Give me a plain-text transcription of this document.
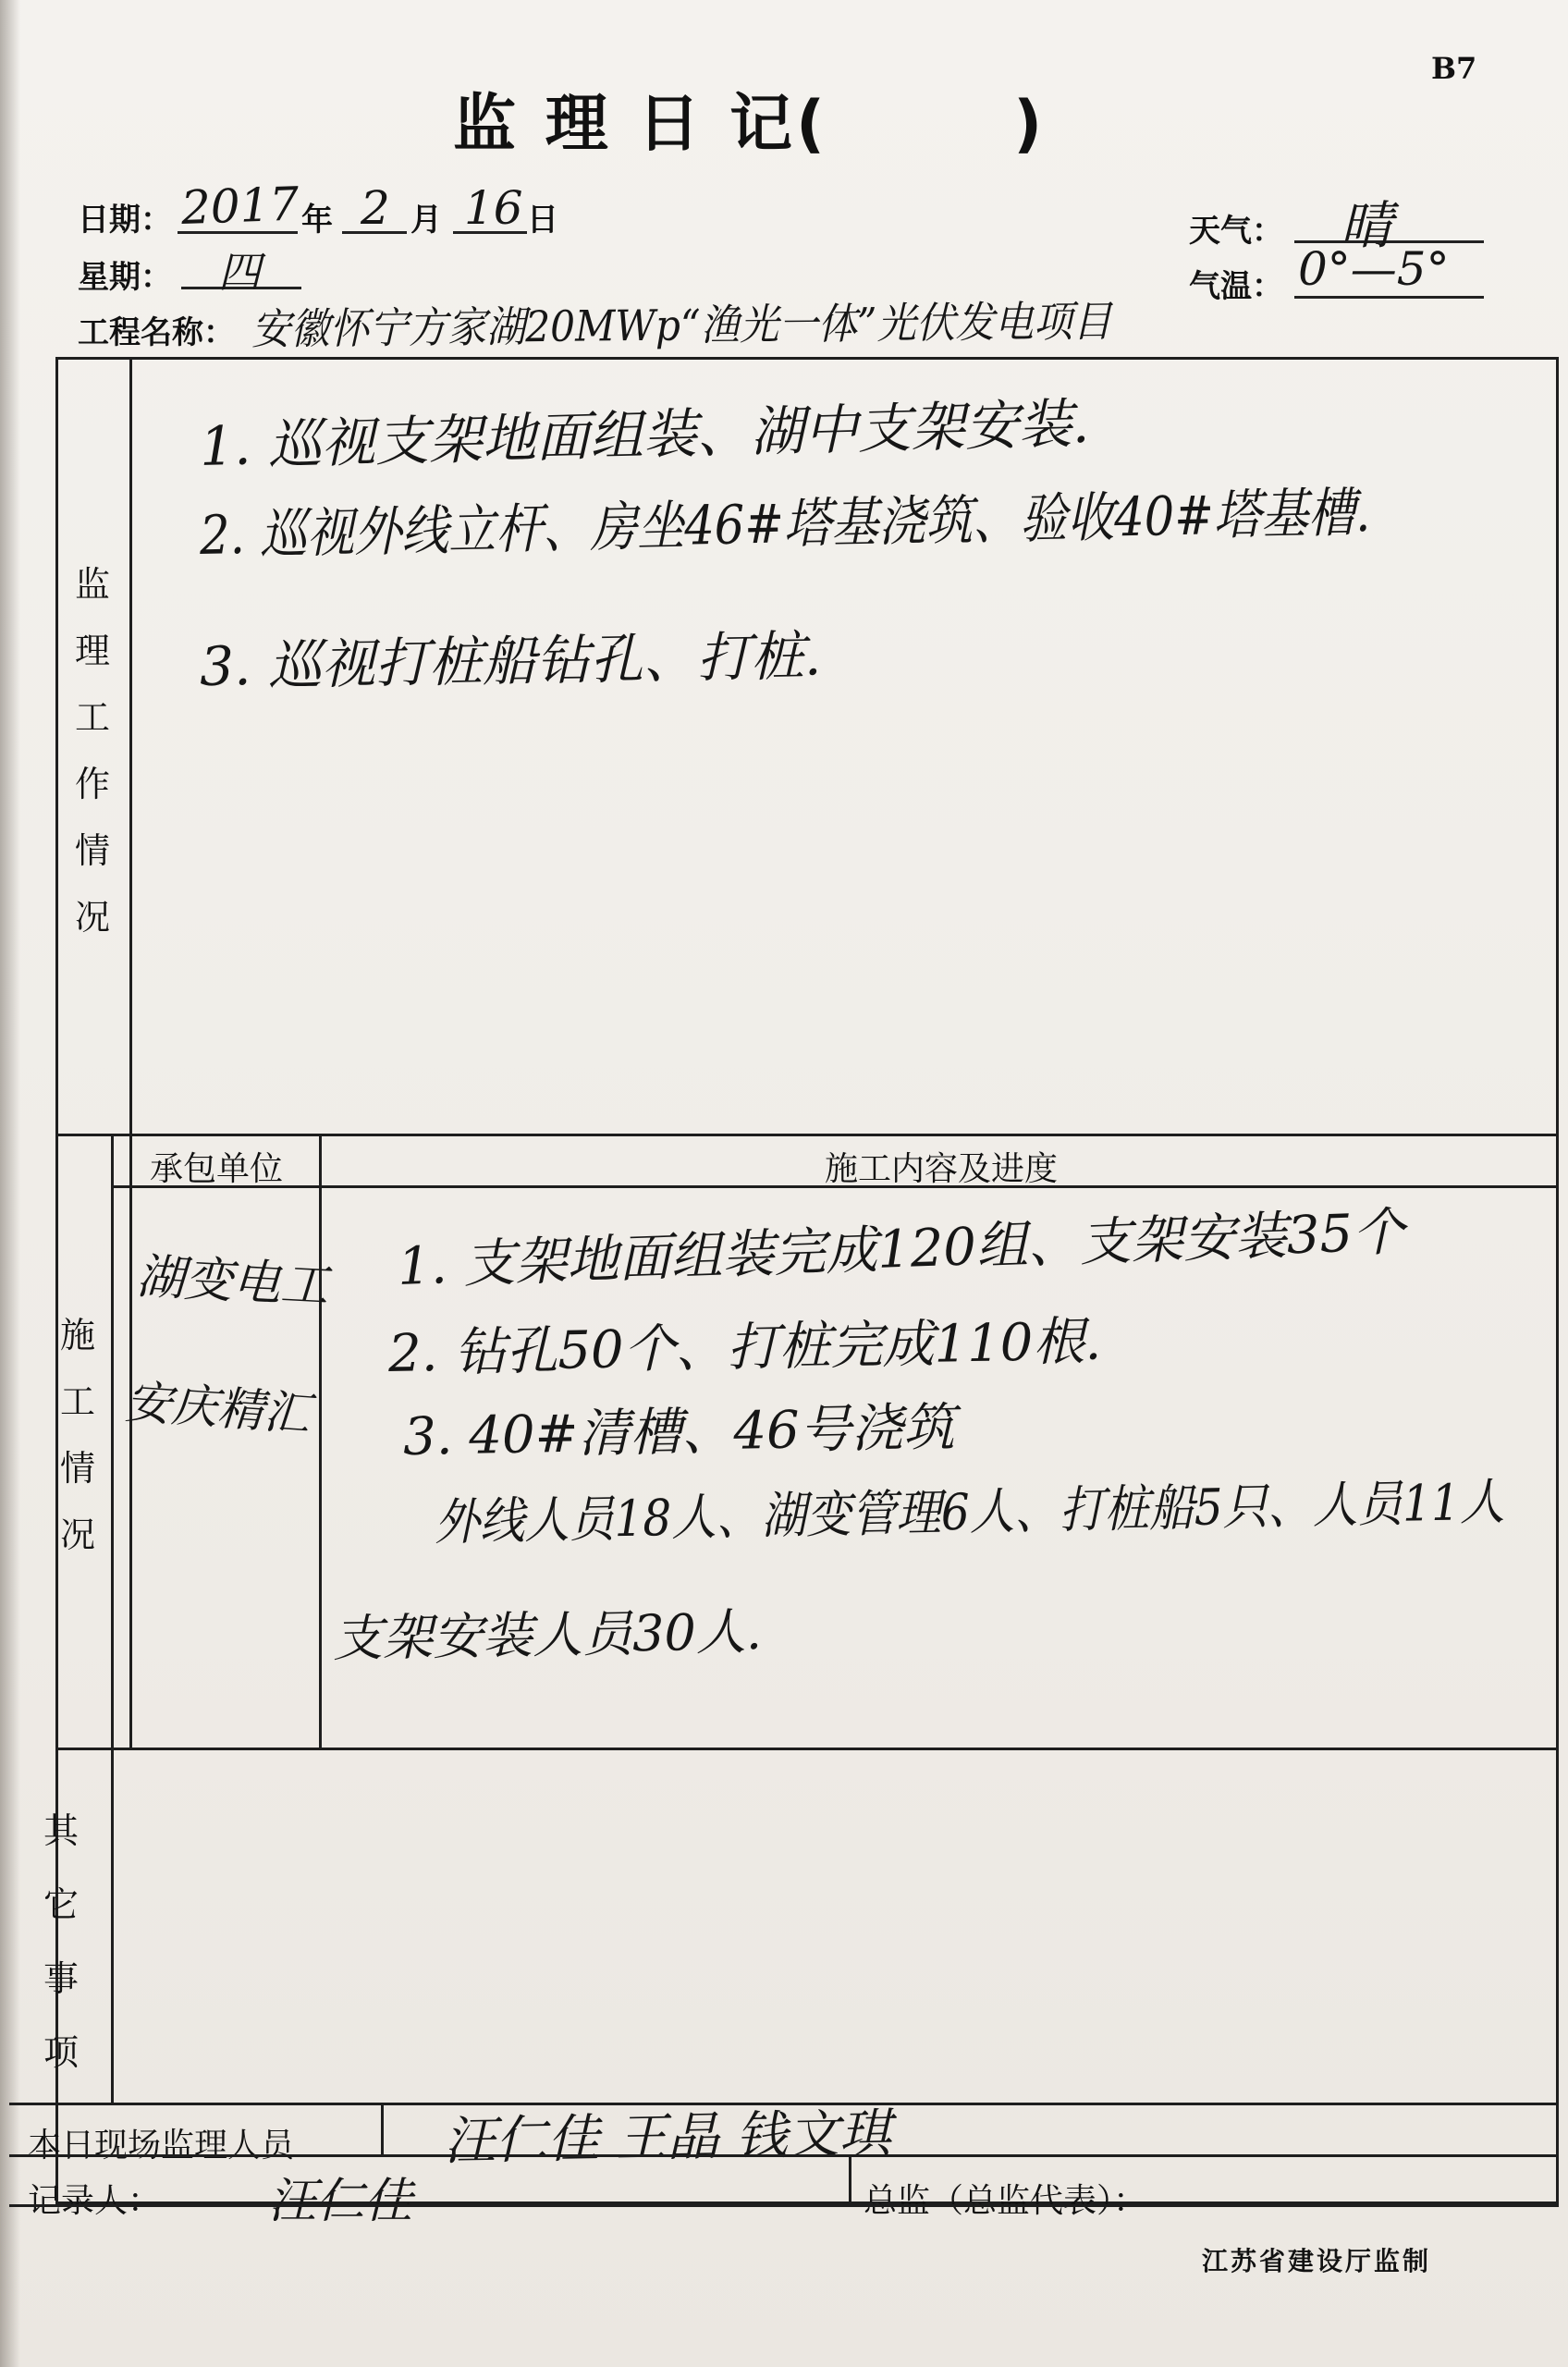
B7
监 理 日 记(	)
日期： 2017 年 2 月 16 日
星期： 四
工程名称： 安徽怀宁方家湖20MWp“渔光一体”光伏发电项目
天气： 晴
气温： 0°—5°
监
理
工
作
情
况
1. 巡视支架地面组装、湖中支架安装.
2. 巡视外线立杆、房坐46#塔基浇筑、验收40#塔基槽.
3. 巡视打桩船钻孔、打桩.
施
工
情
况
承包单位	施工内容及进度
湖变电工
安庆精汇
1. 支架地面组装完成120组、支架安装35个
2. 钻孔50个、打桩完成110根.
3. 40#清槽、46号浇筑
外线人员18人、湖变管理6人、打桩船5只、人员11人
支架安装人员30人.
其
它
事
项
本日现场监理人员	汪仁佳 王晶 钱文琪
记录人： 汪仁佳	总监（总监代表）：
江苏省建设厅监制
